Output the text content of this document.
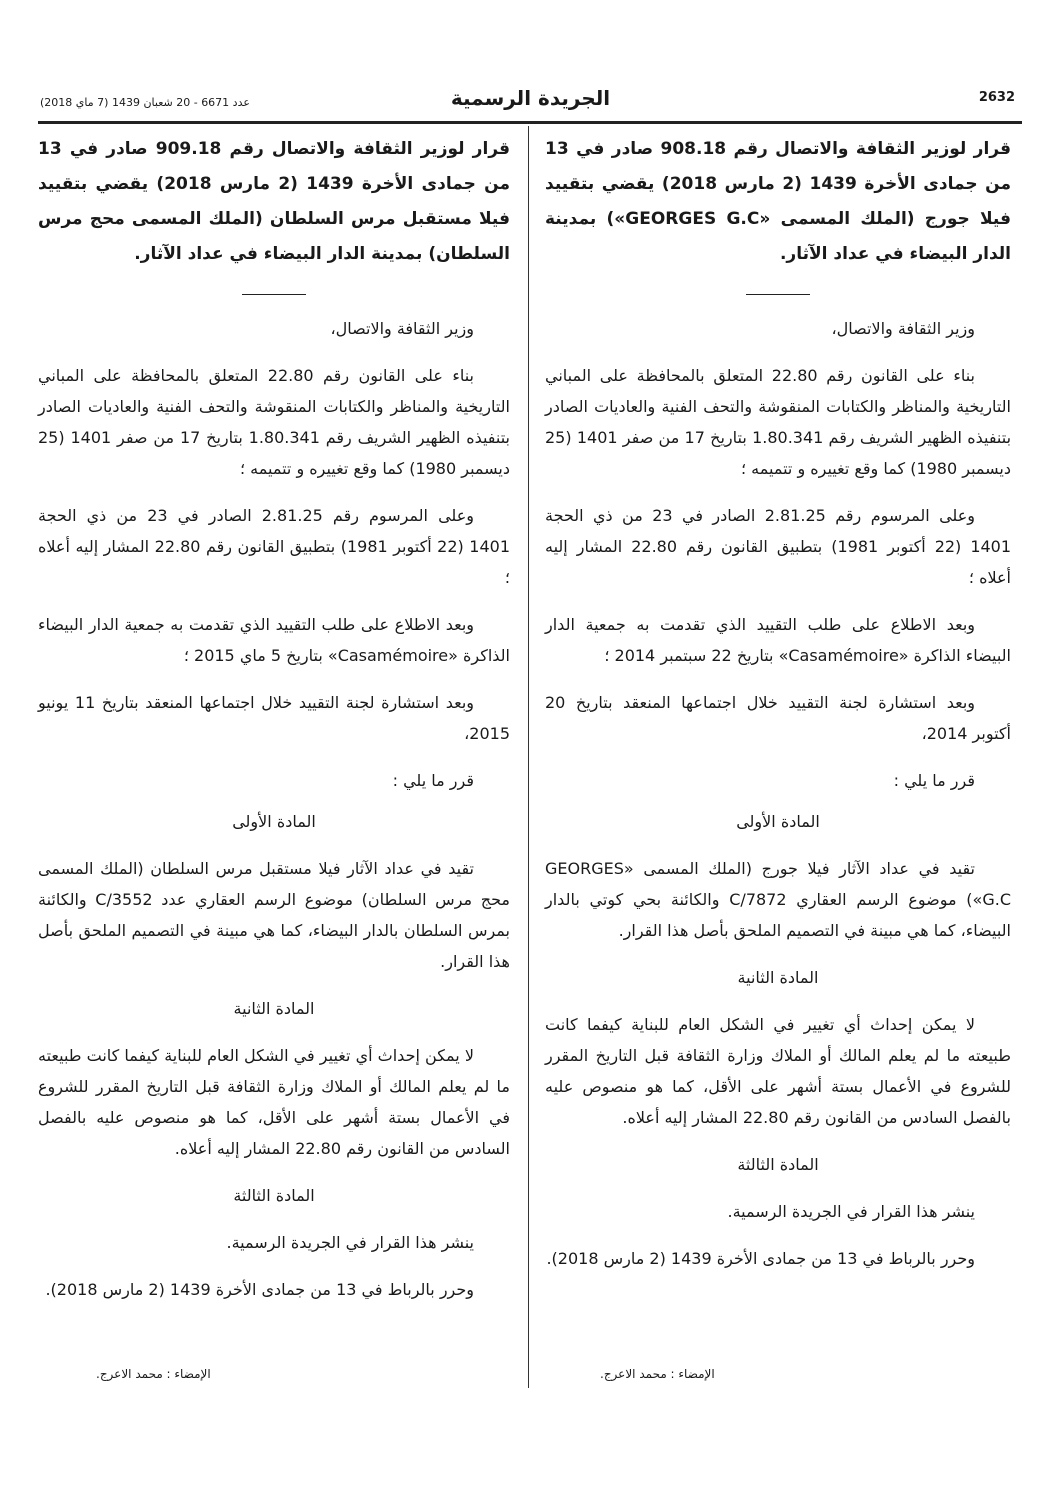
2632
الجريدة الرسمية
عدد 6671 - 20 شعبان 1439 (7 ماي 2018)

قرار لوزير الثقافة والاتصال رقم 908.18 صادر في 13 من جمادى الأخرة 1439 (2 مارس 2018) يقضي بتقييد فيلا جورج (الملك المسمى «GEORGES G.C») بمدينة الدار البيضاء في عداد الآثار.

وزير الثقافة والاتصال،

بناء على القانون رقم 22.80 المتعلق بالمحافظة على المباني التاريخية والمناظر والكتابات المنقوشة والتحف الفنية والعاديات الصادر بتنفيذه الظهير الشريف رقم 1.80.341 بتاريخ 17 من صفر 1401 (25 ديسمبر 1980) كما وقع تغييره و تتميمه ؛

وعلى المرسوم رقم 2.81.25 الصادر في 23 من ذي الحجة 1401 (22 أكتوبر 1981) بتطبيق القانون رقم 22.80 المشار إليه أعلاه ؛

وبعد الاطلاع على طلب التقييد الذي تقدمت به جمعية الدار البيضاء الذاكرة «Casamémoire» بتاريخ 22 سبتمبر 2014 ؛

وبعد استشارة لجنة التقييد خلال اجتماعها المنعقد بتاريخ 20 أكتوبر 2014،

قرر ما يلي :

المادة الأولى

تقيد في عداد الآثار فيلا جورج (الملك المسمى «GEORGES G.C») موضوع الرسم العقاري C/7872 والكائنة بحي كوتي بالدار البيضاء، كما هي مبينة في التصميم الملحق بأصل هذا القرار.

المادة الثانية

لا يمكن إحداث أي تغيير في الشكل العام للبناية كيفما كانت طبيعته ما لم يعلم المالك أو الملاك وزارة الثقافة قبل التاريخ المقرر للشروع في الأعمال بستة أشهر على الأقل، كما هو منصوص عليه بالفصل السادس من القانون رقم 22.80 المشار إليه أعلاه.

المادة الثالثة

ينشر هذا القرار في الجريدة الرسمية.

وحرر بالرباط في 13 من جمادى الأخرة 1439 (2 مارس 2018).

الإمضاء : محمد الاعرج.

قرار لوزير الثقافة والاتصال رقم 909.18 صادر في 13 من جمادى الأخرة 1439 (2 مارس 2018) يقضي بتقييد فيلا مستقبل مرس السلطان (الملك المسمى محج مرس السلطان) بمدينة الدار البيضاء في عداد الآثار.

وزير الثقافة والاتصال،

بناء على القانون رقم 22.80 المتعلق بالمحافظة على المباني التاريخية والمناظر والكتابات المنقوشة والتحف الفنية والعاديات الصادر بتنفيذه الظهير الشريف رقم 1.80.341 بتاريخ 17 من صفر 1401 (25 ديسمبر 1980) كما وقع تغييره و تتميمه ؛

وعلى المرسوم رقم 2.81.25 الصادر في 23 من ذي الحجة 1401 (22 أكتوبر 1981) بتطبيق القانون رقم 22.80 المشار إليه أعلاه ؛

وبعد الاطلاع على طلب التقييد الذي تقدمت به جمعية الدار البيضاء الذاكرة «Casamémoire» بتاريخ 5 ماي 2015 ؛

وبعد استشارة لجنة التقييد خلال اجتماعها المنعقد بتاريخ 11 يونيو 2015،

قرر ما يلي :

المادة الأولى

تقيد في عداد الآثار فيلا مستقبل مرس السلطان (الملك المسمى محج مرس السلطان) موضوع الرسم العقاري عدد C/3552 والكائنة بمرس السلطان بالدار البيضاء، كما هي مبينة في التصميم الملحق بأصل هذا القرار.

المادة الثانية

لا يمكن إحداث أي تغيير في الشكل العام للبناية كيفما كانت طبيعته ما لم يعلم المالك أو الملاك وزارة الثقافة قبل التاريخ المقرر للشروع في الأعمال بستة أشهر على الأقل، كما هو منصوص عليه بالفصل السادس من القانون رقم 22.80 المشار إليه أعلاه.

المادة الثالثة

ينشر هذا القرار في الجريدة الرسمية.

وحرر بالرباط في 13 من جمادى الأخرة 1439 (2 مارس 2018).

الإمضاء : محمد الاعرج.
